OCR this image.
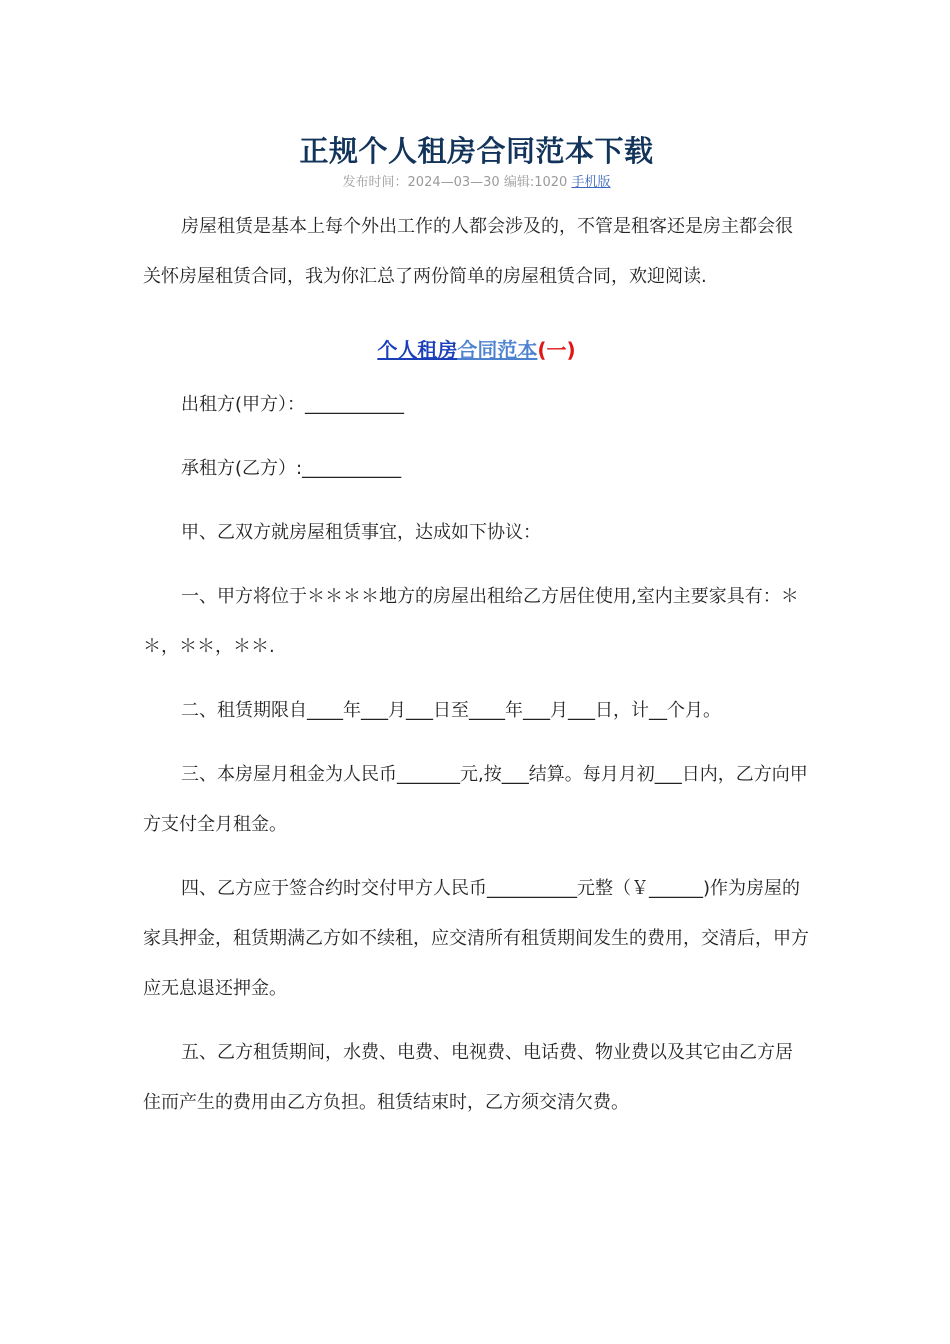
正规个人租房合同范本下载
发布时间：2024—03—30 编辑:1020 手机版

房屋租赁是基本上每个外出工作的人都会涉及的，不管是租客还是房主都会很关怀房屋租赁合同，我为你汇总了两份简单的房屋租赁合同，欢迎阅读.

个人租房合同范本(一)

出租方(甲方）：___________

承租方(乙方）:___________

甲、乙双方就房屋租赁事宜，达成如下协议：

一、甲方将位于＊＊＊＊地方的房屋出租给乙方居住使用,室内主要家具有：＊＊，＊＊，＊＊.

二、租赁期限自____年___月___日至____年___月___日，计__个月。

三、本房屋月租金为人民币_______元,按___结算。每月月初___日内，乙方向甲方支付全月租金。

四、乙方应于签合约时交付甲方人民币__________元整（￥______)作为房屋的家具押金，租赁期满乙方如不续租，应交清所有租赁期间发生的费用，交清后，甲方应无息退还押金。

五、乙方租赁期间，水费、电费、电视费、电话费、物业费以及其它由乙方居住而产生的费用由乙方负担。租赁结束时，乙方须交清欠费。
